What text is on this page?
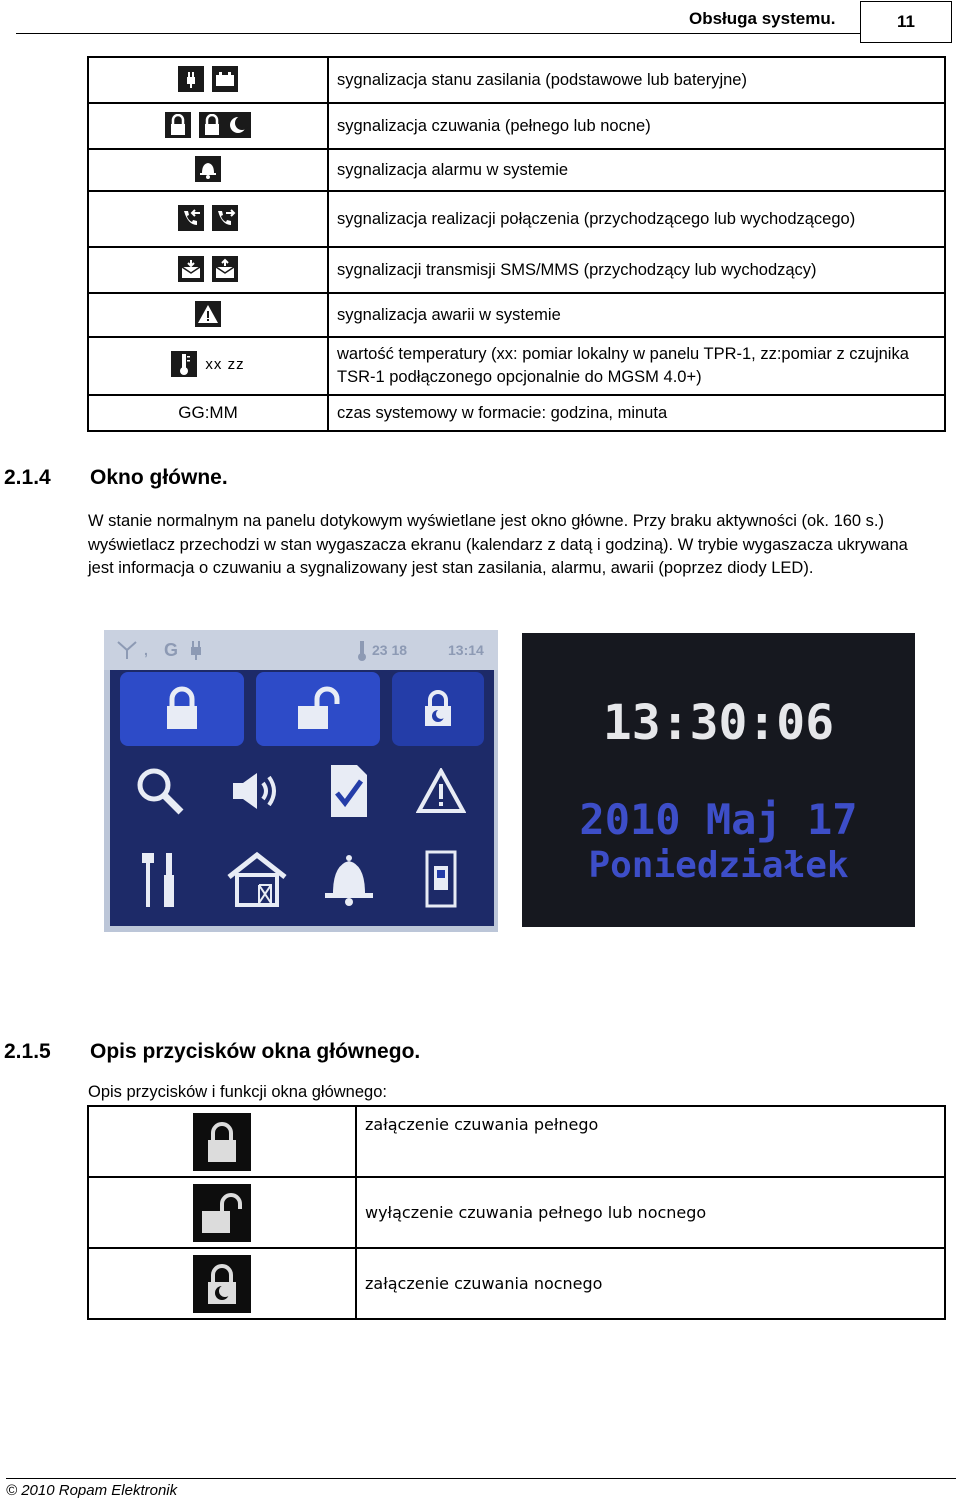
Obsługa systemu.	11
	sygnalizacja stanu zasilania (podstawowe lub bateryjne)

	sygnalizacja czuwania (pełnego lub nocne)

	sygnalizacja alarmu w systemie

	sygnalizacja realizacji połączenia (przychodzącego lub wychodzącego)

	sygnalizacji transmisji SMS/MMS (przychodzący lub wychodzący)

	sygnalizacja awarii w systemie

xx zz	wartość temperatury (xx: pomiar lokalny w panelu TPR-1, zz:pomiar z czujnika TSR-1 podłączonego opcjonalnie do MGSM 4.0+)
GG:MM	czas systemowy w formacie: godzina, minuta
2.1.4 Okno główne.
W stanie normalnym na panelu dotykowym wyświetlane jest okno główne. Przy braku aktywności (ok. 160 s.) wyświetlacz przechodzi w stan wygaszacza ekranu (kalendarz z datą i godziną). W trybie wygaszacza ukrywana jest informacja o czuwaniu a sygnalizowany jest stan zasilania, alarmu, awarii (poprzez diody LED).
, G	23 18	13:14
13:30:06
2010 Maj 17
Poniedziałek
2.1.5 Opis przycisków okna głównego.
Opis przycisków i funkcji okna głównego:
	załączenie czuwania pełnego

	wyłączenie czuwania pełnego lub nocnego

	załączenie czuwania nocnego
© 2010 Ropam Elektronik
